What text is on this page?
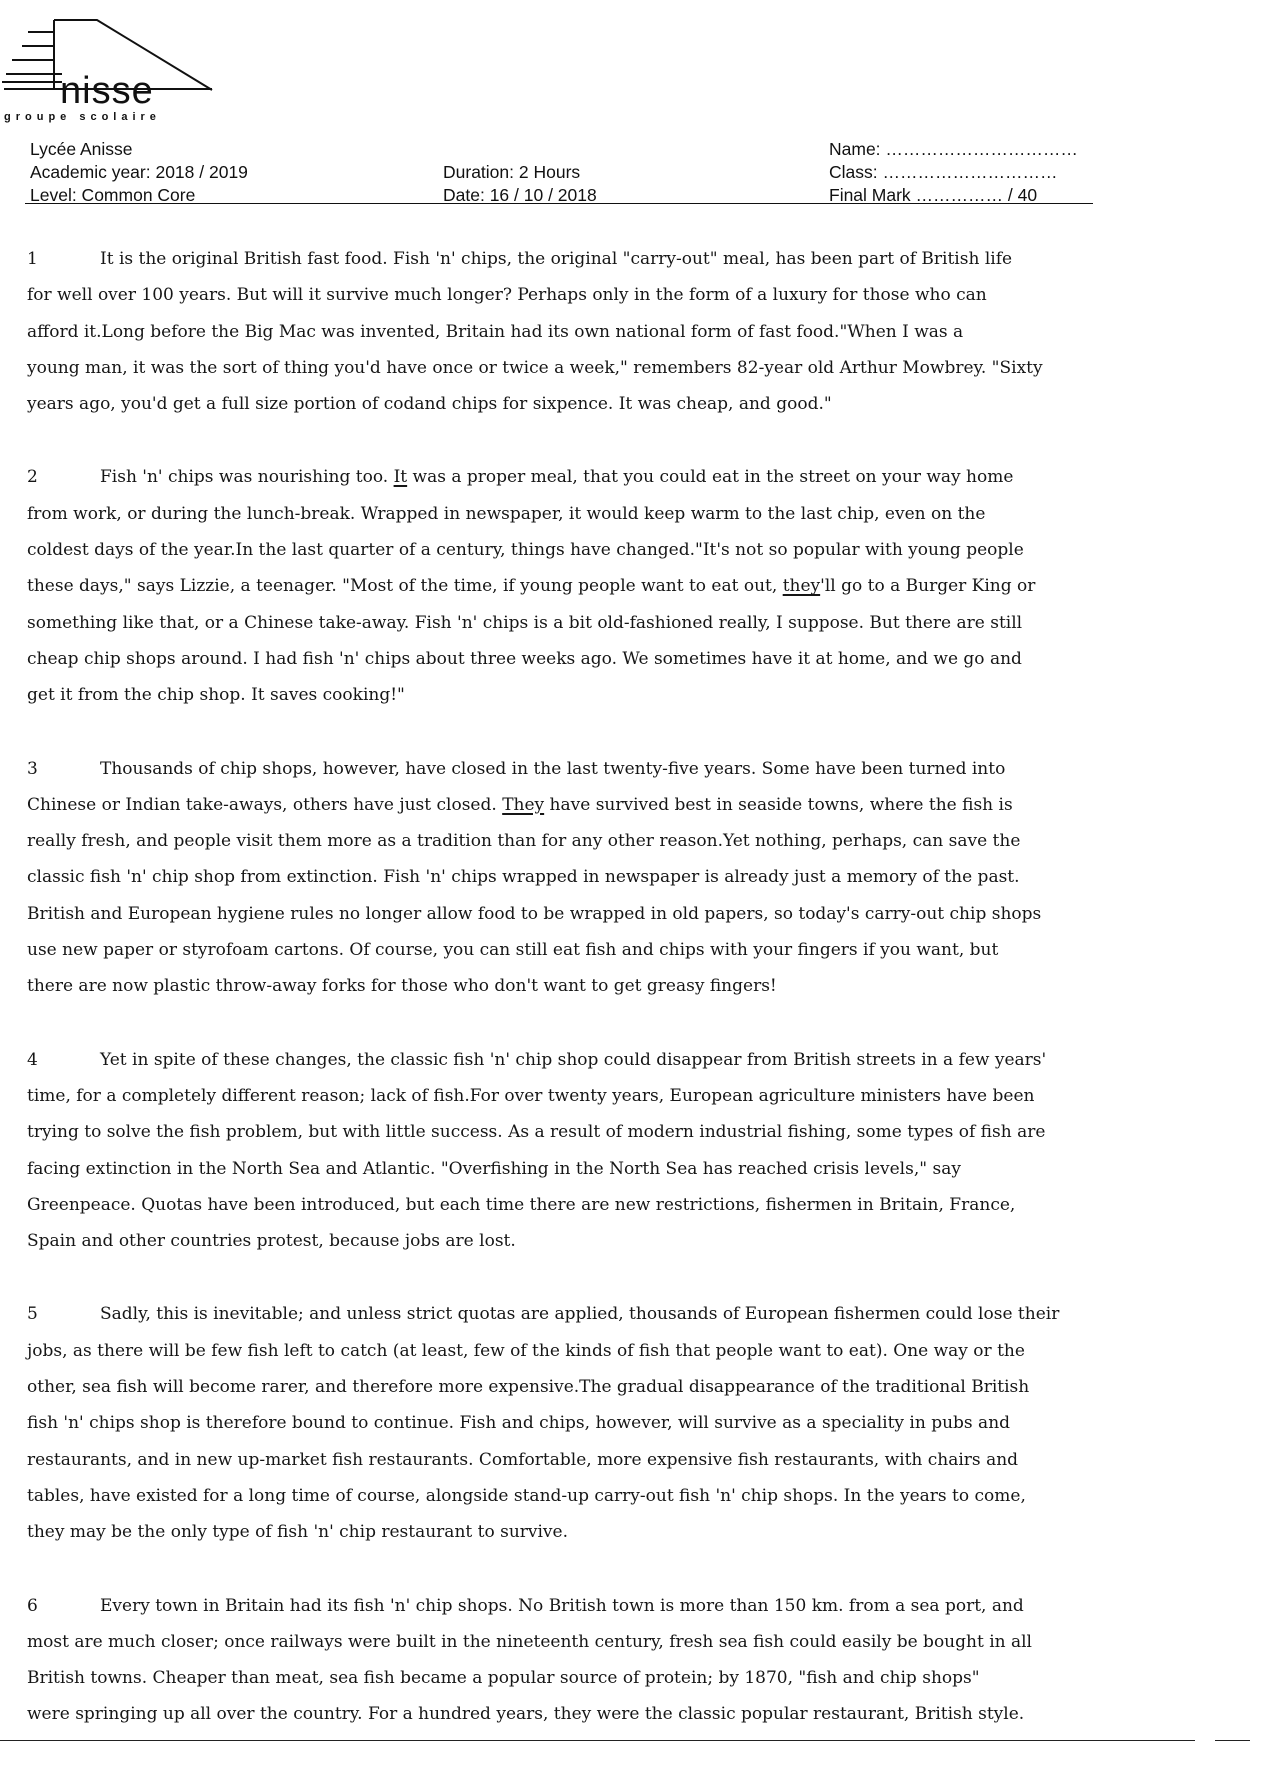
nisse
groupe scolaire
Lycée Anisse
Academic year: 2018 / 2019
Level: Common Core
Duration: 2 Hours
Date: 16 / 10 / 2018
Name: ……………………………
Class: …………………………
Final Mark …………… / 40
1	It is the original British fast food. Fish 'n' chips, the original "carry-out" meal, has been part of British life
for well over 100 years. But will it survive much longer? Perhaps only in the form of a luxury for those who can
afford it.Long before the Big Mac was invented, Britain had its own national form of fast food."When I was a
young man, it was the sort of thing you'd have once or twice a week," remembers 82-year old Arthur Mowbrey. "Sixty
years ago, you'd get a full size portion of codand chips for sixpence. It was cheap, and good."
2	Fish 'n' chips was nourishing too. It was a proper meal, that you could eat in the street on your way home
from work, or during the lunch-break. Wrapped in newspaper, it would keep warm to the last chip, even on the
coldest days of the year.In the last quarter of a century, things have changed."It's not so popular with young people
these days," says Lizzie, a teenager. "Most of the time, if young people want to eat out, they'll go to a Burger King or
something like that, or a Chinese take-away. Fish 'n' chips is a bit old-fashioned really, I suppose. But there are still
cheap chip shops around. I had fish 'n' chips about three weeks ago. We sometimes have it at home, and we go and
get it from the chip shop. It saves cooking!"
3	Thousands of chip shops, however, have closed in the last twenty-five years. Some have been turned into
Chinese or Indian take-aways, others have just closed. They have survived best in seaside towns, where the fish is
really fresh, and people visit them more as a tradition than for any other reason.Yet nothing, perhaps, can save the
classic fish 'n' chip shop from extinction. Fish 'n' chips wrapped in newspaper is already just a memory of the past.
British and European hygiene rules no longer allow food to be wrapped in old papers, so today's carry-out chip shops
use new paper or styrofoam cartons. Of course, you can still eat fish and chips with your fingers if you want, but
there are now plastic throw-away forks for those who don't want to get greasy fingers!
4	Yet in spite of these changes, the classic fish 'n' chip shop could disappear from British streets in a few years'
time, for a completely different reason; lack of fish.For over twenty years, European agriculture ministers have been
trying to solve the fish problem, but with little success. As a result of modern industrial fishing, some types of fish are
facing extinction in the North Sea and Atlantic. "Overfishing in the North Sea has reached crisis levels," say
Greenpeace. Quotas have been introduced, but each time there are new restrictions, fishermen in Britain, France,
Spain and other countries protest, because jobs are lost.
5	Sadly, this is inevitable; and unless strict quotas are applied, thousands of European fishermen could lose their
jobs, as there will be few fish left to catch (at least, few of the kinds of fish that people want to eat). One way or the
other, sea fish will become rarer, and therefore more expensive.The gradual disappearance of the traditional British
fish 'n' chips shop is therefore bound to continue. Fish and chips, however, will survive as a speciality in pubs and
restaurants, and in new up-market fish restaurants. Comfortable, more expensive fish restaurants, with chairs and
tables, have existed for a long time of course, alongside stand-up carry-out fish 'n' chip shops. In the years to come,
they may be the only type of fish 'n' chip restaurant to survive.
6	Every town in Britain had its fish 'n' chip shops. No British town is more than 150 km. from a sea port, and
most are much closer; once railways were built in the nineteenth century, fresh sea fish could easily be bought in all
British towns. Cheaper than meat, sea fish became a popular source of protein; by 1870, "fish and chip shops"
were springing up all over the country. For a hundred years, they were the classic popular restaurant, British style.
